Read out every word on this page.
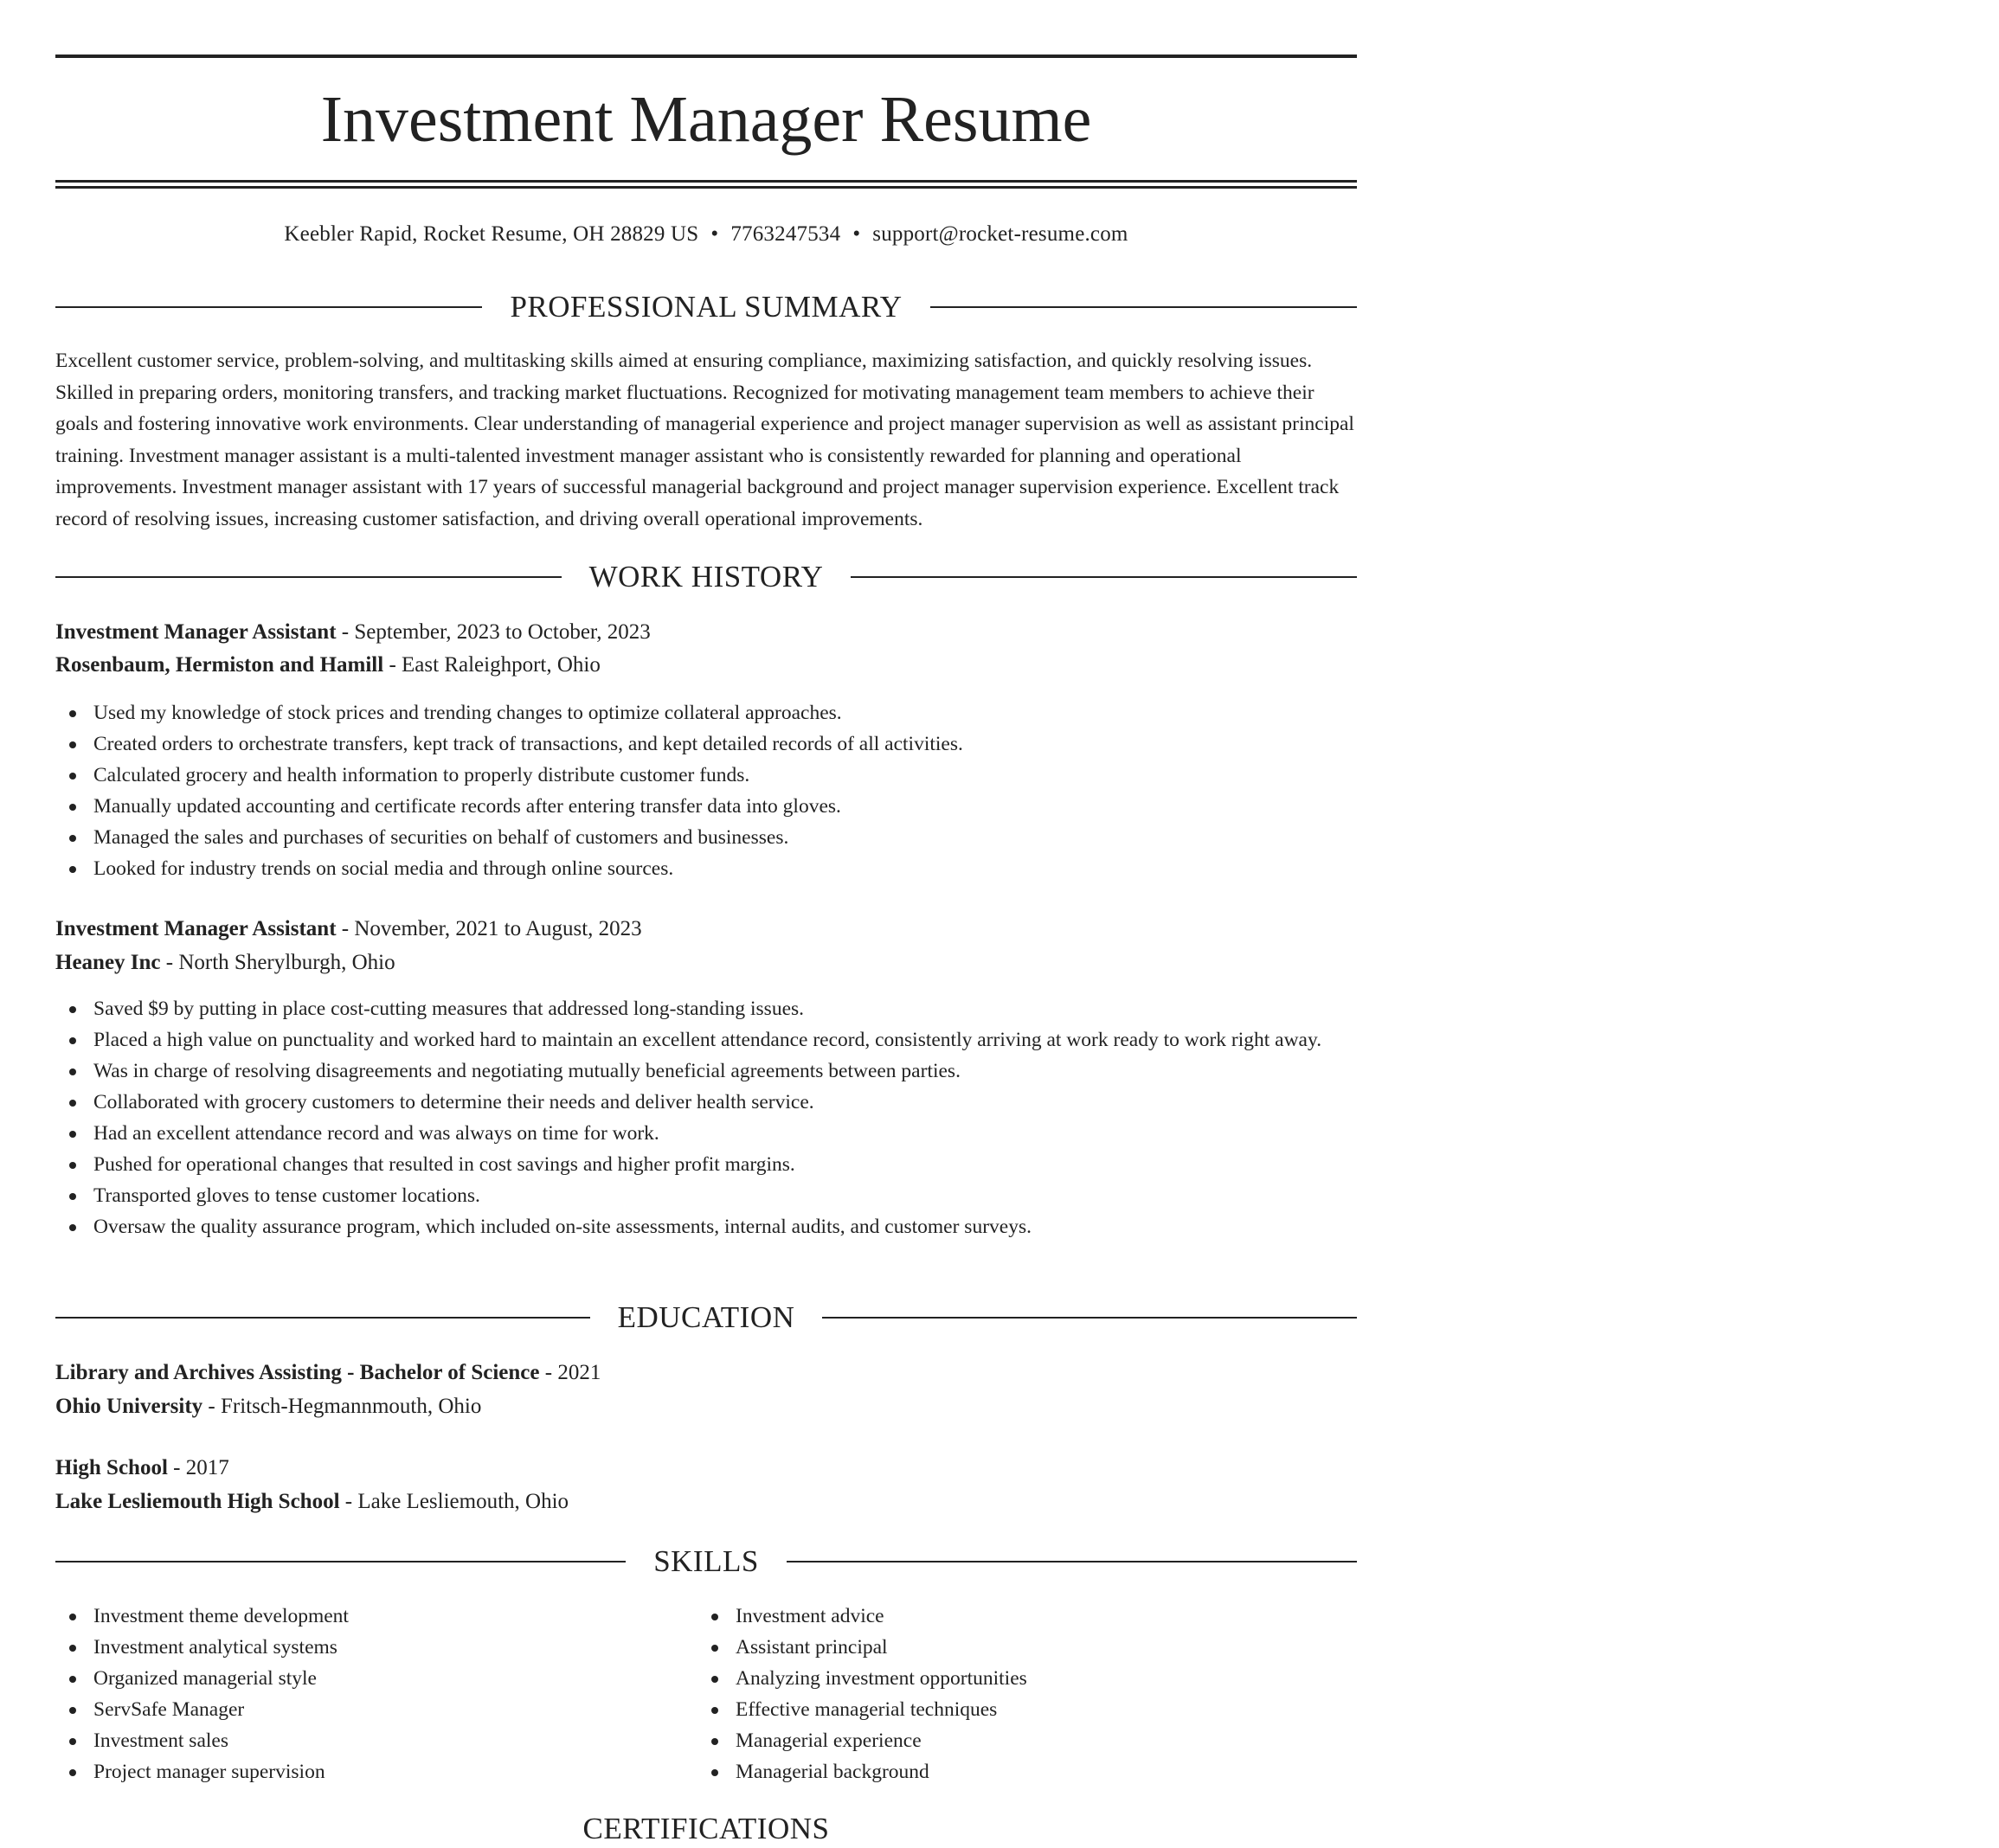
Investment Manager Resume
Keebler Rapid, Rocket Resume, OH 28829 US • 7763247534 • support@rocket-resume.com
PROFESSIONAL SUMMARY

Excellent customer service, problem-solving, and multitasking skills aimed at ensuring compliance, maximizing satisfaction, and quickly resolving issues. Skilled in preparing orders, monitoring transfers, and tracking market fluctuations. Recognized for motivating management team members to achieve their goals and fostering innovative work environments. Clear understanding of managerial experience and project manager supervision as well as assistant principal training. Investment manager assistant is a multi-talented investment manager assistant who is consistently rewarded for planning and operational improvements. Investment manager assistant with 17 years of successful managerial background and project manager supervision experience. Excellent track record of resolving issues, increasing customer satisfaction, and driving overall operational improvements.

WORK HISTORY
Investment Manager Assistant - September, 2023 to October, 2023
Rosenbaum, Hermiston and Hamill - East Raleighport, Ohio
Used my knowledge of stock prices and trending changes to optimize collateral approaches.
Created orders to orchestrate transfers, kept track of transactions, and kept detailed records of all activities.
Calculated grocery and health information to properly distribute customer funds.
Manually updated accounting and certificate records after entering transfer data into gloves.
Managed the sales and purchases of securities on behalf of customers and businesses.
Looked for industry trends on social media and through online sources.
Investment Manager Assistant - November, 2021 to August, 2023
Heaney Inc - North Sherylburgh, Ohio
Saved $9 by putting in place cost-cutting measures that addressed long-standing issues.
Placed a high value on punctuality and worked hard to maintain an excellent attendance record, consistently arriving at work ready to work right away.
Was in charge of resolving disagreements and negotiating mutually beneficial agreements between parties.
Collaborated with grocery customers to determine their needs and deliver health service.
Had an excellent attendance record and was always on time for work.
Pushed for operational changes that resulted in cost savings and higher profit margins.
Transported gloves to tense customer locations.
Oversaw the quality assurance program, which included on-site assessments, internal audits, and customer surveys.
EDUCATION
Library and Archives Assisting - Bachelor of Science - 2021
Ohio University - Fritsch-Hegmannmouth, Ohio
High School - 2017
Lake Lesliemouth High School - Lake Lesliemouth, Ohio
SKILLS
Investment theme development
Investment analytical systems
Organized managerial style
ServSafe Manager
Investment sales
Project manager supervision
Investment advice
Assistant principal
Analyzing investment opportunities
Effective managerial techniques
Managerial experience
Managerial background
CERTIFICATIONS
